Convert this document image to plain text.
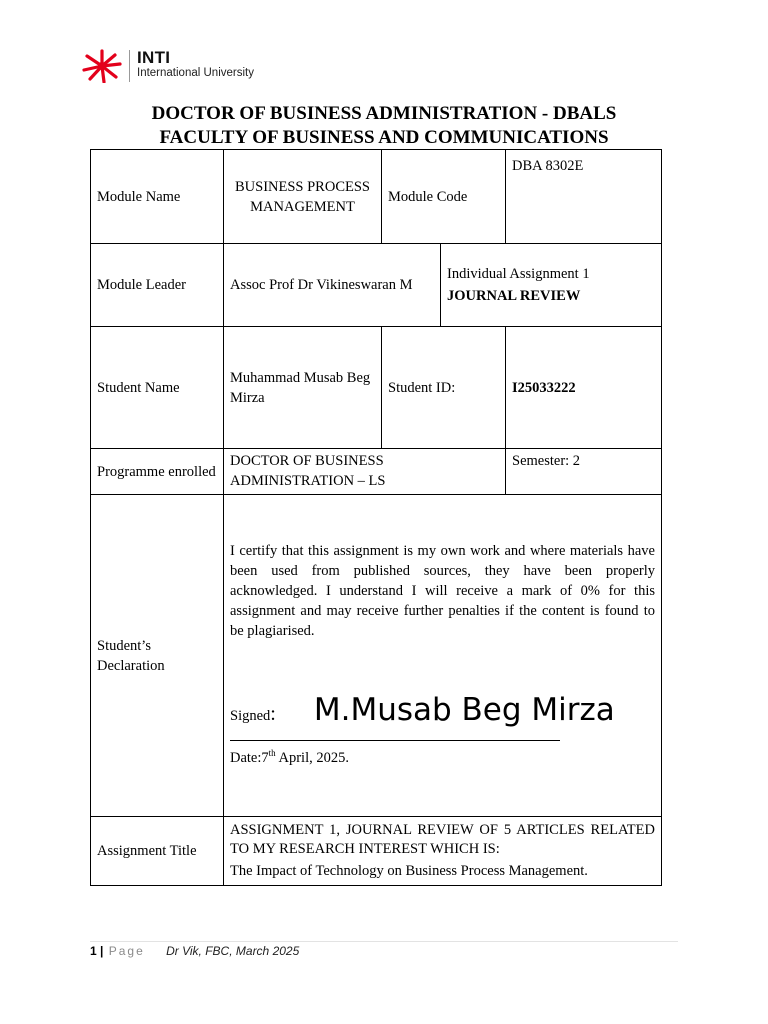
INTI
International University
DOCTOR OF BUSINESS ADMINISTRATION - DBALS
FACULTY OF BUSINESS AND COMMUNICATIONS
Module Name	BUSINESS PROCESS MANAGEMENT	Module Code		DBA 8302E
Module Leader	Assoc Prof Dr Vikineswaran M		Individual Assignment 1
JOURNAL REVIEW	

Student Name	Muhammad Musab Beg Mirza	Student ID:		I25033222
Programme enrolled	DOCTOR OF BUSINESS ADMINISTRATION – LS			Semester: 2
Student’s Declaration	I certify that this assignment is my own work and where materials have been used from published sources, they have been properly acknowledged. I understand I will receive a mark of 0% for this assignment and may receive further penalties if the content is found to be plagiarised.
Signed : M.Musab Beg Mirza
Date:7th April, 2025.			

Assignment Title	ASSIGNMENT 1, JOURNAL REVIEW OF 5 ARTICLES RELATED TO MY RESEARCH INTEREST WHICH IS:
The Impact of Technology on Business Process Management.			
1 | Page Dr Vik, FBC, March 2025
